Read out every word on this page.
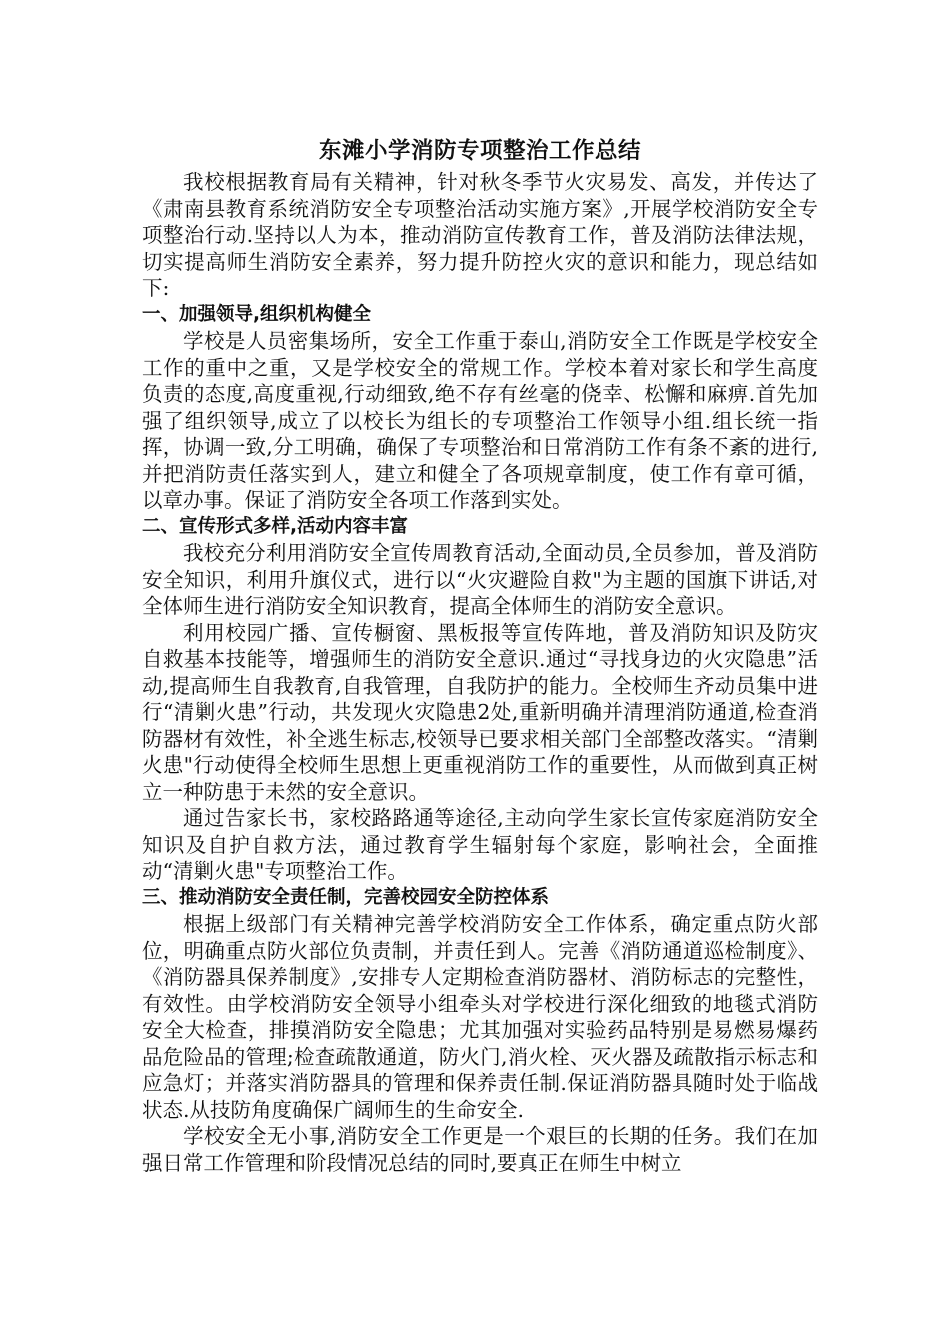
东滩小学消防专项整治工作总结

我校根据教育局有关精神，针对秋冬季节火灾易发、高发，并传达了《肃南县教育系统消防安全专项整治活动实施方案》,开展学校消防安全专项整治行动.坚持以人为本，推动消防宣传教育工作，普及消防法律法规，切实提高师生消防安全素养，努力提升防控火灾的意识和能力，现总结如下:

一、加强领导,组织机构健全

学校是人员密集场所，安全工作重于泰山,消防安全工作既是学校安全工作的重中之重，又是学校安全的常规工作。学校本着对家长和学生高度负责的态度,高度重视,行动细致,绝不存有丝毫的侥幸、松懈和麻痹.首先加强了组织领导,成立了以校长为组长的专项整治工作领导小组.组长统一指挥，协调一致,分工明确，确保了专项整治和日常消防工作有条不紊的进行,并把消防责任落实到人，建立和健全了各项规章制度，使工作有章可循，以章办事。保证了消防安全各项工作落到实处。

二、宣传形式多样,活动内容丰富

我校充分利用消防安全宣传周教育活动,全面动员,全员参加，普及消防安全知识，利用升旗仪式，进行以“火灾避险自救"为主题的国旗下讲话,对全体师生进行消防安全知识教育，提高全体师生的消防安全意识。

利用校园广播、宣传橱窗、黑板报等宣传阵地，普及消防知识及防灾自救基本技能等，增强师生的消防安全意识.通过“寻找身边的火灾隐患”活动,提高师生自我教育,自我管理，自我防护的能力。全校师生齐动员集中进行“清剿火患”行动，共发现火灾隐患2处,重新明确并清理消防通道,检查消防器材有效性，补全逃生标志,校领导已要求相关部门全部整改落实。“清剿火患"行动使得全校师生思想上更重视消防工作的重要性，从而做到真正树立一种防患于未然的安全意识。

通过告家长书，家校路路通等途径,主动向学生家长宣传家庭消防安全知识及自护自救方法，通过教育学生辐射每个家庭，影响社会，全面推动“清剿火患"专项整治工作。

三、推动消防安全责任制，完善校园安全防控体系

根据上级部门有关精神完善学校消防安全工作体系，确定重点防火部位，明确重点防火部位负责制，并责任到人。完善《消防通道巡检制度》、《消防器具保养制度》,安排专人定期检查消防器材、消防标志的完整性，有效性。由学校消防安全领导小组牵头对学校进行深化细致的地毯式消防安全大检查，排摸消防安全隐患；尤其加强对实验药品特别是易燃易爆药品危险品的管理;检查疏散通道，防火门,消火栓、灭火器及疏散指示标志和应急灯；并落实消防器具的管理和保养责任制.保证消防器具随时处于临战状态.从技防角度确保广阔师生的生命安全.

学校安全无小事,消防安全工作更是一个艰巨的长期的任务。我们在加强日常工作管理和阶段情况总结的同时,要真正在师生中树立
